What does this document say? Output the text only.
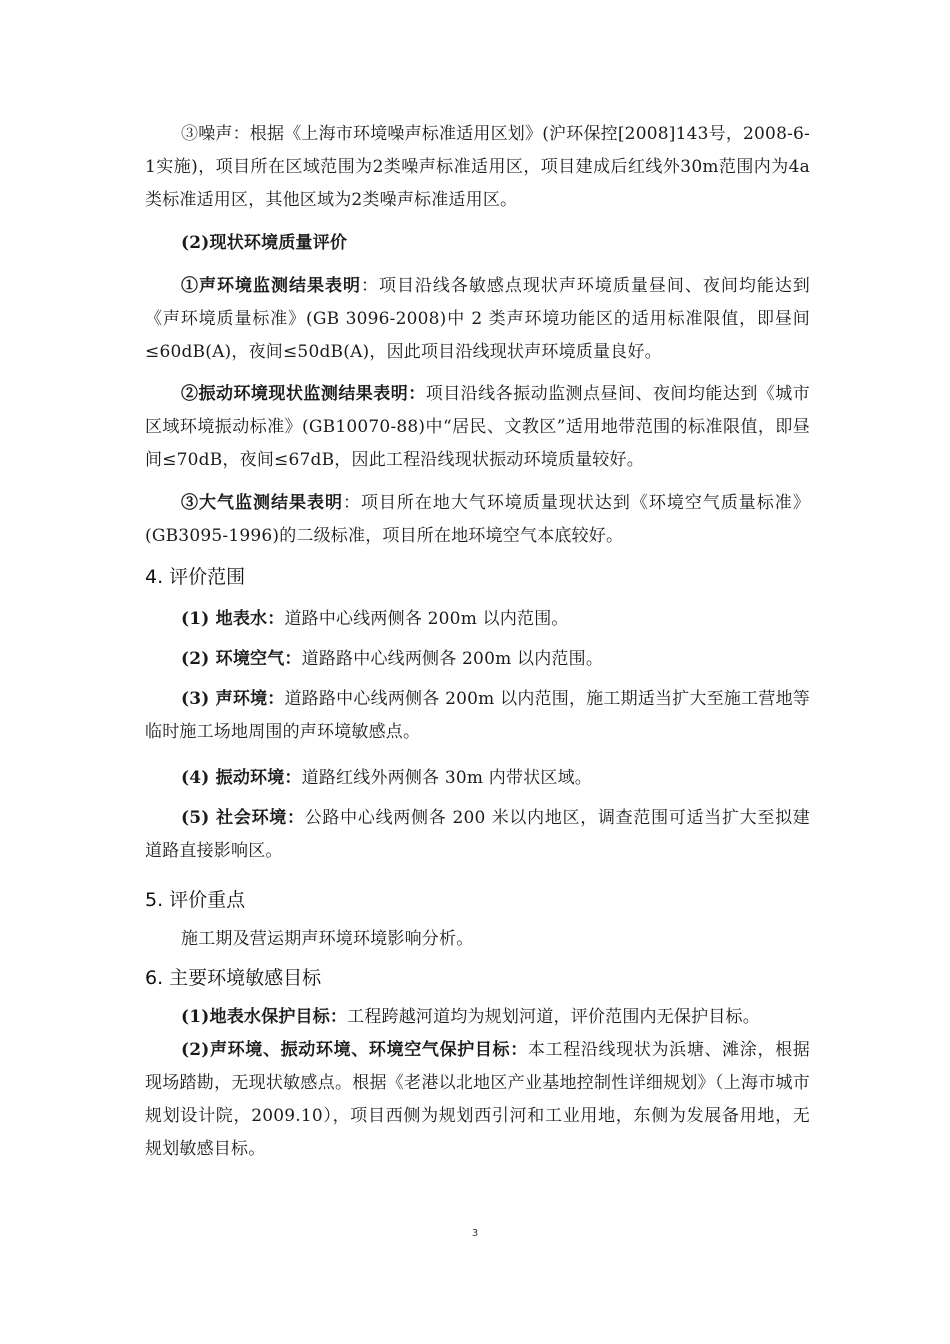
③噪声：根据《上海市环境噪声标准适用区划》(沪环保控[2008]143号，2008-6-1实施)，项目所在区域范围为2类噪声标准适用区，项目建成后红线外30m范围内为4a类标准适用区，其他区域为2类噪声标准适用区。

(2)现状环境质量评价

①声环境监测结果表明：项目沿线各敏感点现状声环境质量昼间、夜间均能达到《声环境质量标准》(GB 3096-2008)中 2 类声环境功能区的适用标准限值，即昼间≤60dB(A)，夜间≤50dB(A)，因此项目沿线现状声环境质量良好。

②振动环境现状监测结果表明：项目沿线各振动监测点昼间、夜间均能达到《城市区域环境振动标准》(GB10070-88)中“居民、文教区”适用地带范围的标准限值，即昼间≤70dB，夜间≤67dB，因此工程沿线现状振动环境质量较好。

③大气监测结果表明：项目所在地大气环境质量现状达到《环境空气质量标准》(GB3095-1996)的二级标准，项目所在地环境空气本底较好。

4. 评价范围

(1) 地表水：道路中心线两侧各 200m 以内范围。

(2) 环境空气：道路路中心线两侧各 200m 以内范围。

(3) 声环境：道路路中心线两侧各 200m 以内范围，施工期适当扩大至施工营地等临时施工场地周围的声环境敏感点。

(4) 振动环境：道路红线外两侧各 30m 内带状区域。

(5) 社会环境：公路中心线两侧各 200 米以内地区，调查范围可适当扩大至拟建道路直接影响区。

5. 评价重点

施工期及营运期声环境环境影响分析。

6. 主要环境敏感目标

(1)地表水保护目标：工程跨越河道均为规划河道，评价范围内无保护目标。

(2)声环境、振动环境、环境空气保护目标：本工程沿线现状为浜塘、滩涂，根据现场踏勘，无现状敏感点。根据《老港以北地区产业基地控制性详细规划》（上海市城市规划设计院，2009.10），项目西侧为规划西引河和工业用地，东侧为发展备用地，无规划敏感目标。

3
